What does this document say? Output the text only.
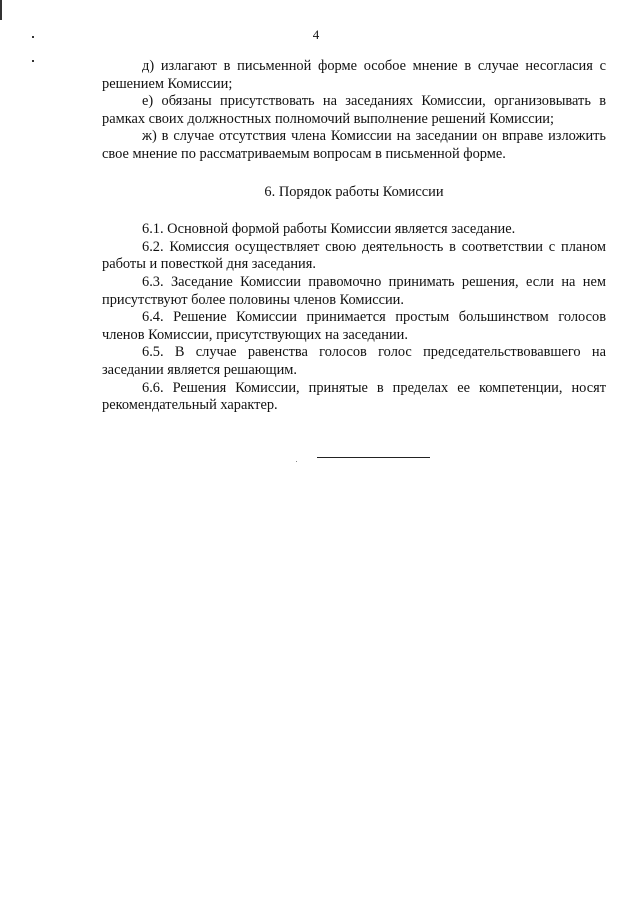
4

д) излагают в письменной форме особое мнение в случае несогласия с решением Комиссии;

е) обязаны присутствовать на заседаниях Комиссии, организовывать в рамках своих должностных полномочий выполнение решений Комиссии;

ж) в случае отсутствия члена Комиссии на заседании он вправе изложить свое мнение по рассматриваемым вопросам в письменной форме.

6. Порядок работы Комиссии

6.1. Основной формой работы Комиссии является заседание.

6.2. Комиссия осуществляет свою деятельность в соответствии с планом работы и повесткой дня заседания.

6.3. Заседание Комиссии правомочно принимать решения, если на нем присутствуют более половины членов Комиссии.

6.4. Решение Комиссии принимается простым большинством голосов членов Комиссии, присутствующих на заседании.

6.5. В случае равенства голосов голос председательствовавшего на заседании является решающим.

6.6. Решения Комиссии, принятые в пределах ее компетенции, носят рекомендательный характер.
